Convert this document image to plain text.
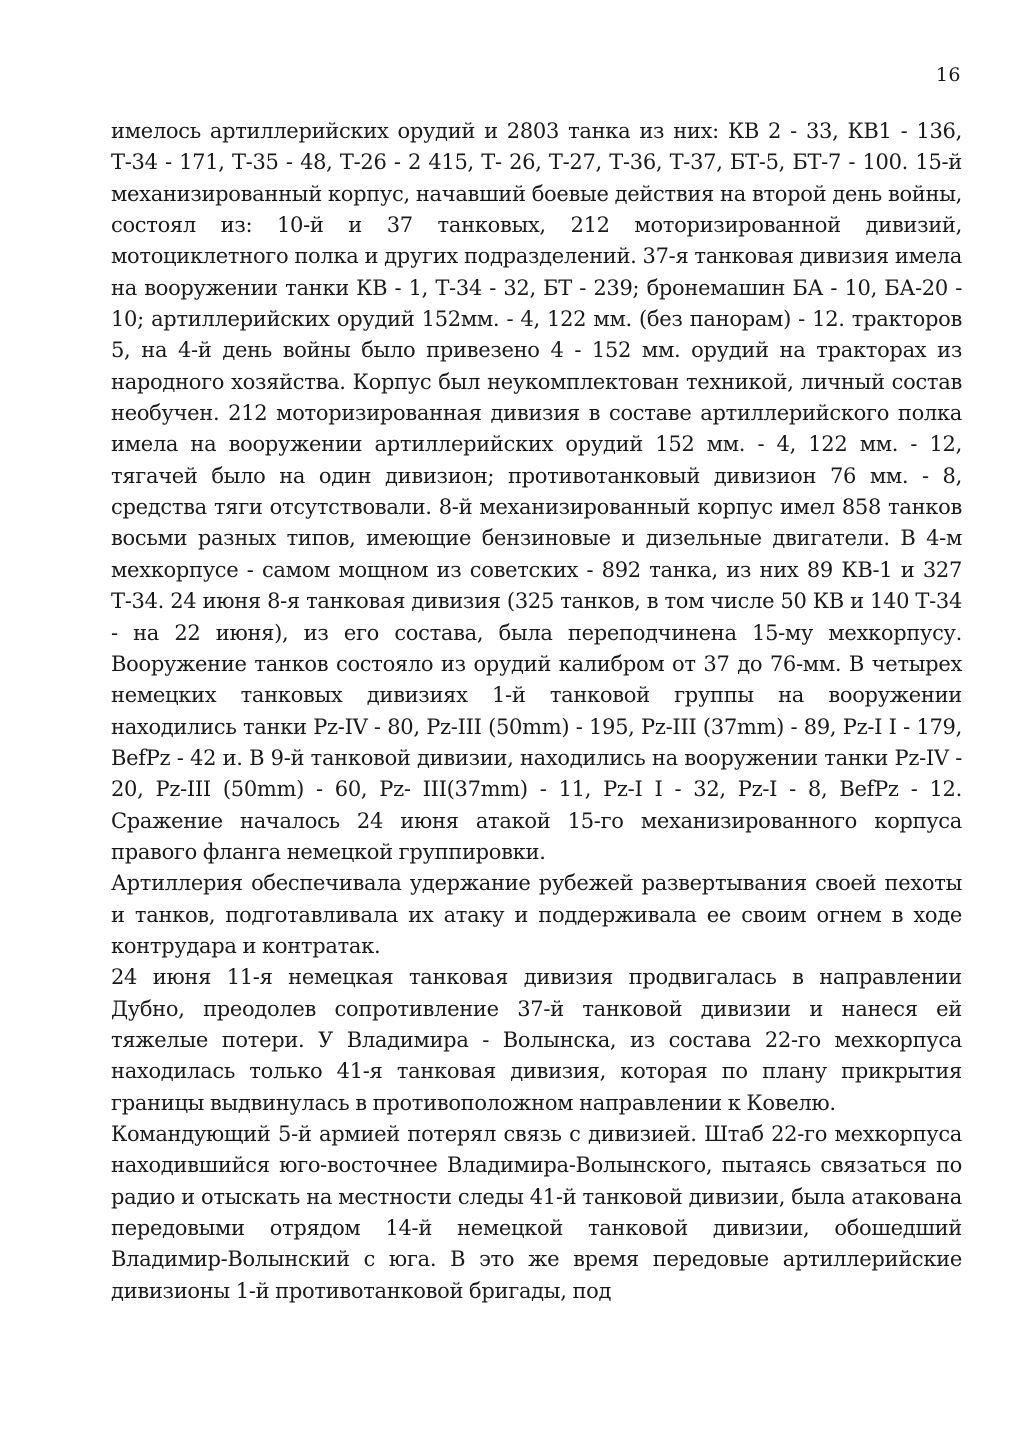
16

имелось артиллерийских орудий и 2803 танка из них: КВ 2 - 33, КВ1 - 136, Т-34 - 171, Т-35 - 48, Т-26 - 2 415, Т- 26, Т-27, Т-36, Т-37, БТ-5, БТ-7 - 100. 15-й механизированный корпус, начавший боевые действия на второй день войны, состоял из: 10-й и 37 танковых, 212 моторизированной дивизий, мотоциклетного полка и других подразделений. 37-я танковая дивизия имела на вооружении танки КВ - 1, Т-34 - 32, БТ - 239; бронемашин БА - 10, БА-20 - 10; артиллерийских орудий 152мм. - 4, 122 мм. (без панорам) - 12. тракторов 5, на 4-й день войны было привезено 4 - 152 мм. орудий на тракторах из народного хозяйства. Корпус был неукомплектован техникой, личный состав необучен. 212 моторизированная дивизия в составе артиллерийского полка имела на вооружении артиллерийских орудий 152 мм. - 4, 122 мм. - 12, тягачей было на один дивизион; противотанковый дивизион 76 мм. - 8, средства тяги отсутствовали. 8-й механизированный корпус имел 858 танков восьми разных типов, имеющие бензиновые и дизельные двигатели. В 4-м мехкорпусе - самом мощном из советских - 892 танка, из них 89 КВ-1 и 327 Т-34. 24 июня 8-я танковая дивизия (325 танков, в том числе 50 КВ и 140 Т-34 - на 22 июня), из его состава, была переподчинена 15-му мехкорпусу. Вооружение танков состояло из орудий калибром от 37 до 76-мм. В четырех немецких танковых дивизиях 1-й танковой группы на вооружении находились танки Pz-IV - 80, Pz-III (50mm) - 195, Pz-III (37mm) - 89, Pz-I I - 179, BefPz - 42 и. В 9-й танковой дивизии, находились на вооружении танки Pz-IV - 20, Pz-III (50mm) - 60, Pz- III(37mm) - 11, Pz-I I - 32, Pz-I - 8, BefPz - 12. Сражение началось 24 июня атакой 15-го механизированного корпуса правого фланга немецкой группировки.

Артиллерия обеспечивала удержание рубежей развертывания своей пехоты и танков, подготавливала их атаку и поддерживала ее своим огнем в ходе контрудара и контратак.

24 июня 11-я немецкая танковая дивизия продвигалась в направлении Дубно, преодолев сопротивление 37-й танковой дивизии и нанеся ей тяжелые потери. У Владимира - Волынска, из состава 22-го мехкорпуса находилась только 41-я танковая дивизия, которая по плану прикрытия границы выдвинулась в противоположном направлении к Ковелю.

Командующий 5-й армией потерял связь с дивизией. Штаб 22-го мехкорпуса находившийся юго-восточнее Владимира-Волынского, пытаясь связаться по радио и отыскать на местности следы 41-й танковой дивизии, была атакована передовыми отрядом 14-й немецкой танковой дивизии, обошедший Владимир-Волынский с юга. В это же время передовые артиллерийские дивизионы 1-й противотанковой бригады, под
